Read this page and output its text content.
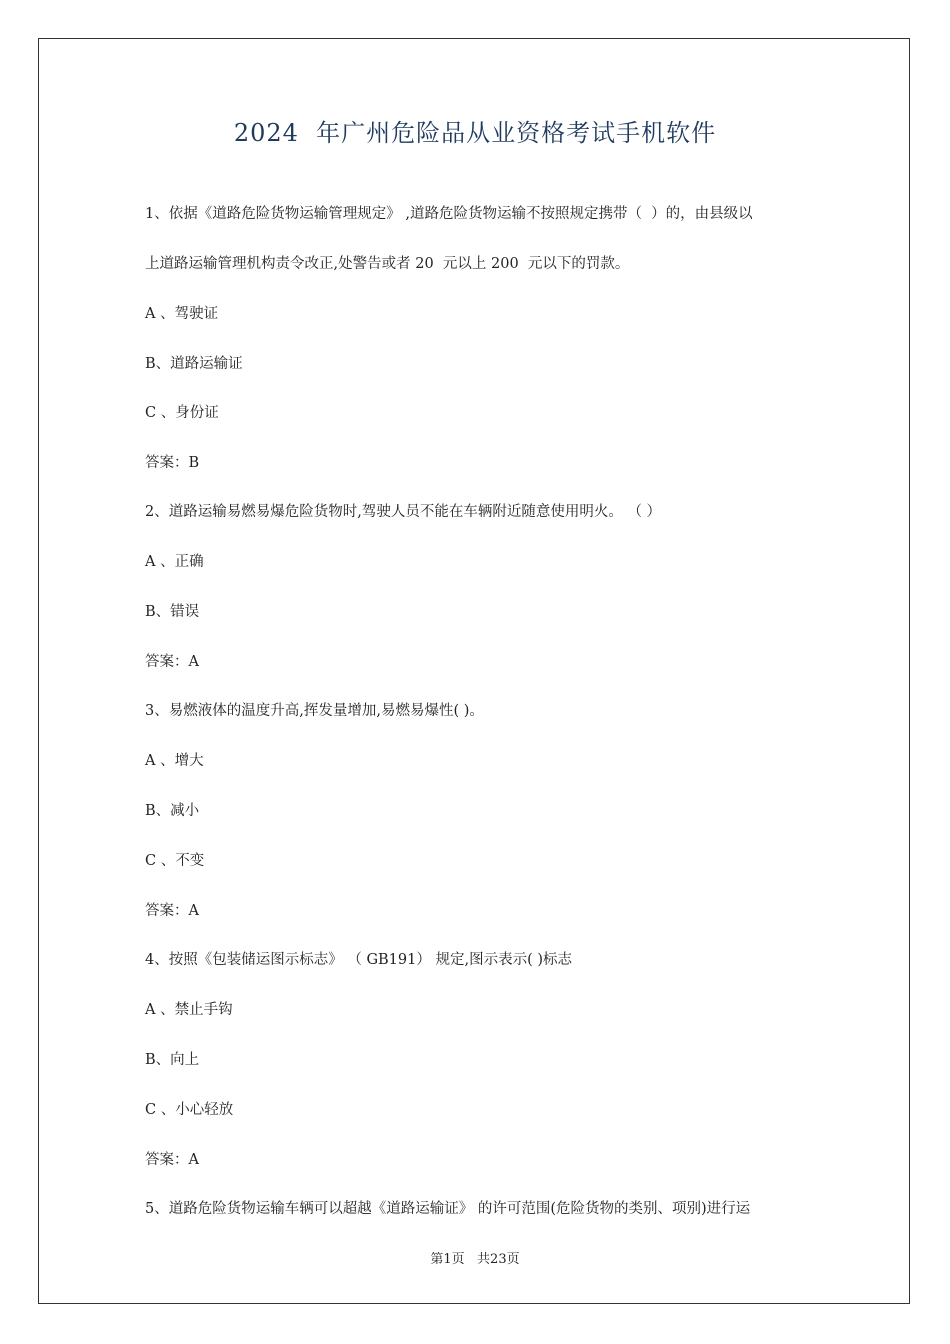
2024  年广州危险品从业资格考试手机软件
1、依据《道路危险货物运输管理规定》 ,道路危险货物运输不按照规定携带（  ）的，由县级以
上道路运输管理机构责令改正,处警告或者 20  元以上 200  元以下的罚款。
A 、驾驶证
B、道路运输证
C 、身份证
答案：B
2、道路运输易燃易爆危险货物时,驾驶人员不能在车辆附近随意使用明火。 （ ）
A 、正确
B、错误
答案：A
3、易燃液体的温度升高,挥发量增加,易燃易爆性( )。
A 、增大
B、减小
C 、不变
答案：A
4、按照《包装储运图示标志》 （ GB191） 规定,图示表示( )标志
A 、禁止手钩
B、向上
C 、小心轻放
答案：A
5、道路危险货物运输车辆可以超越《道路运输证》 的许可范围(危险货物的类别、项别)进行运
第1页   共23页
